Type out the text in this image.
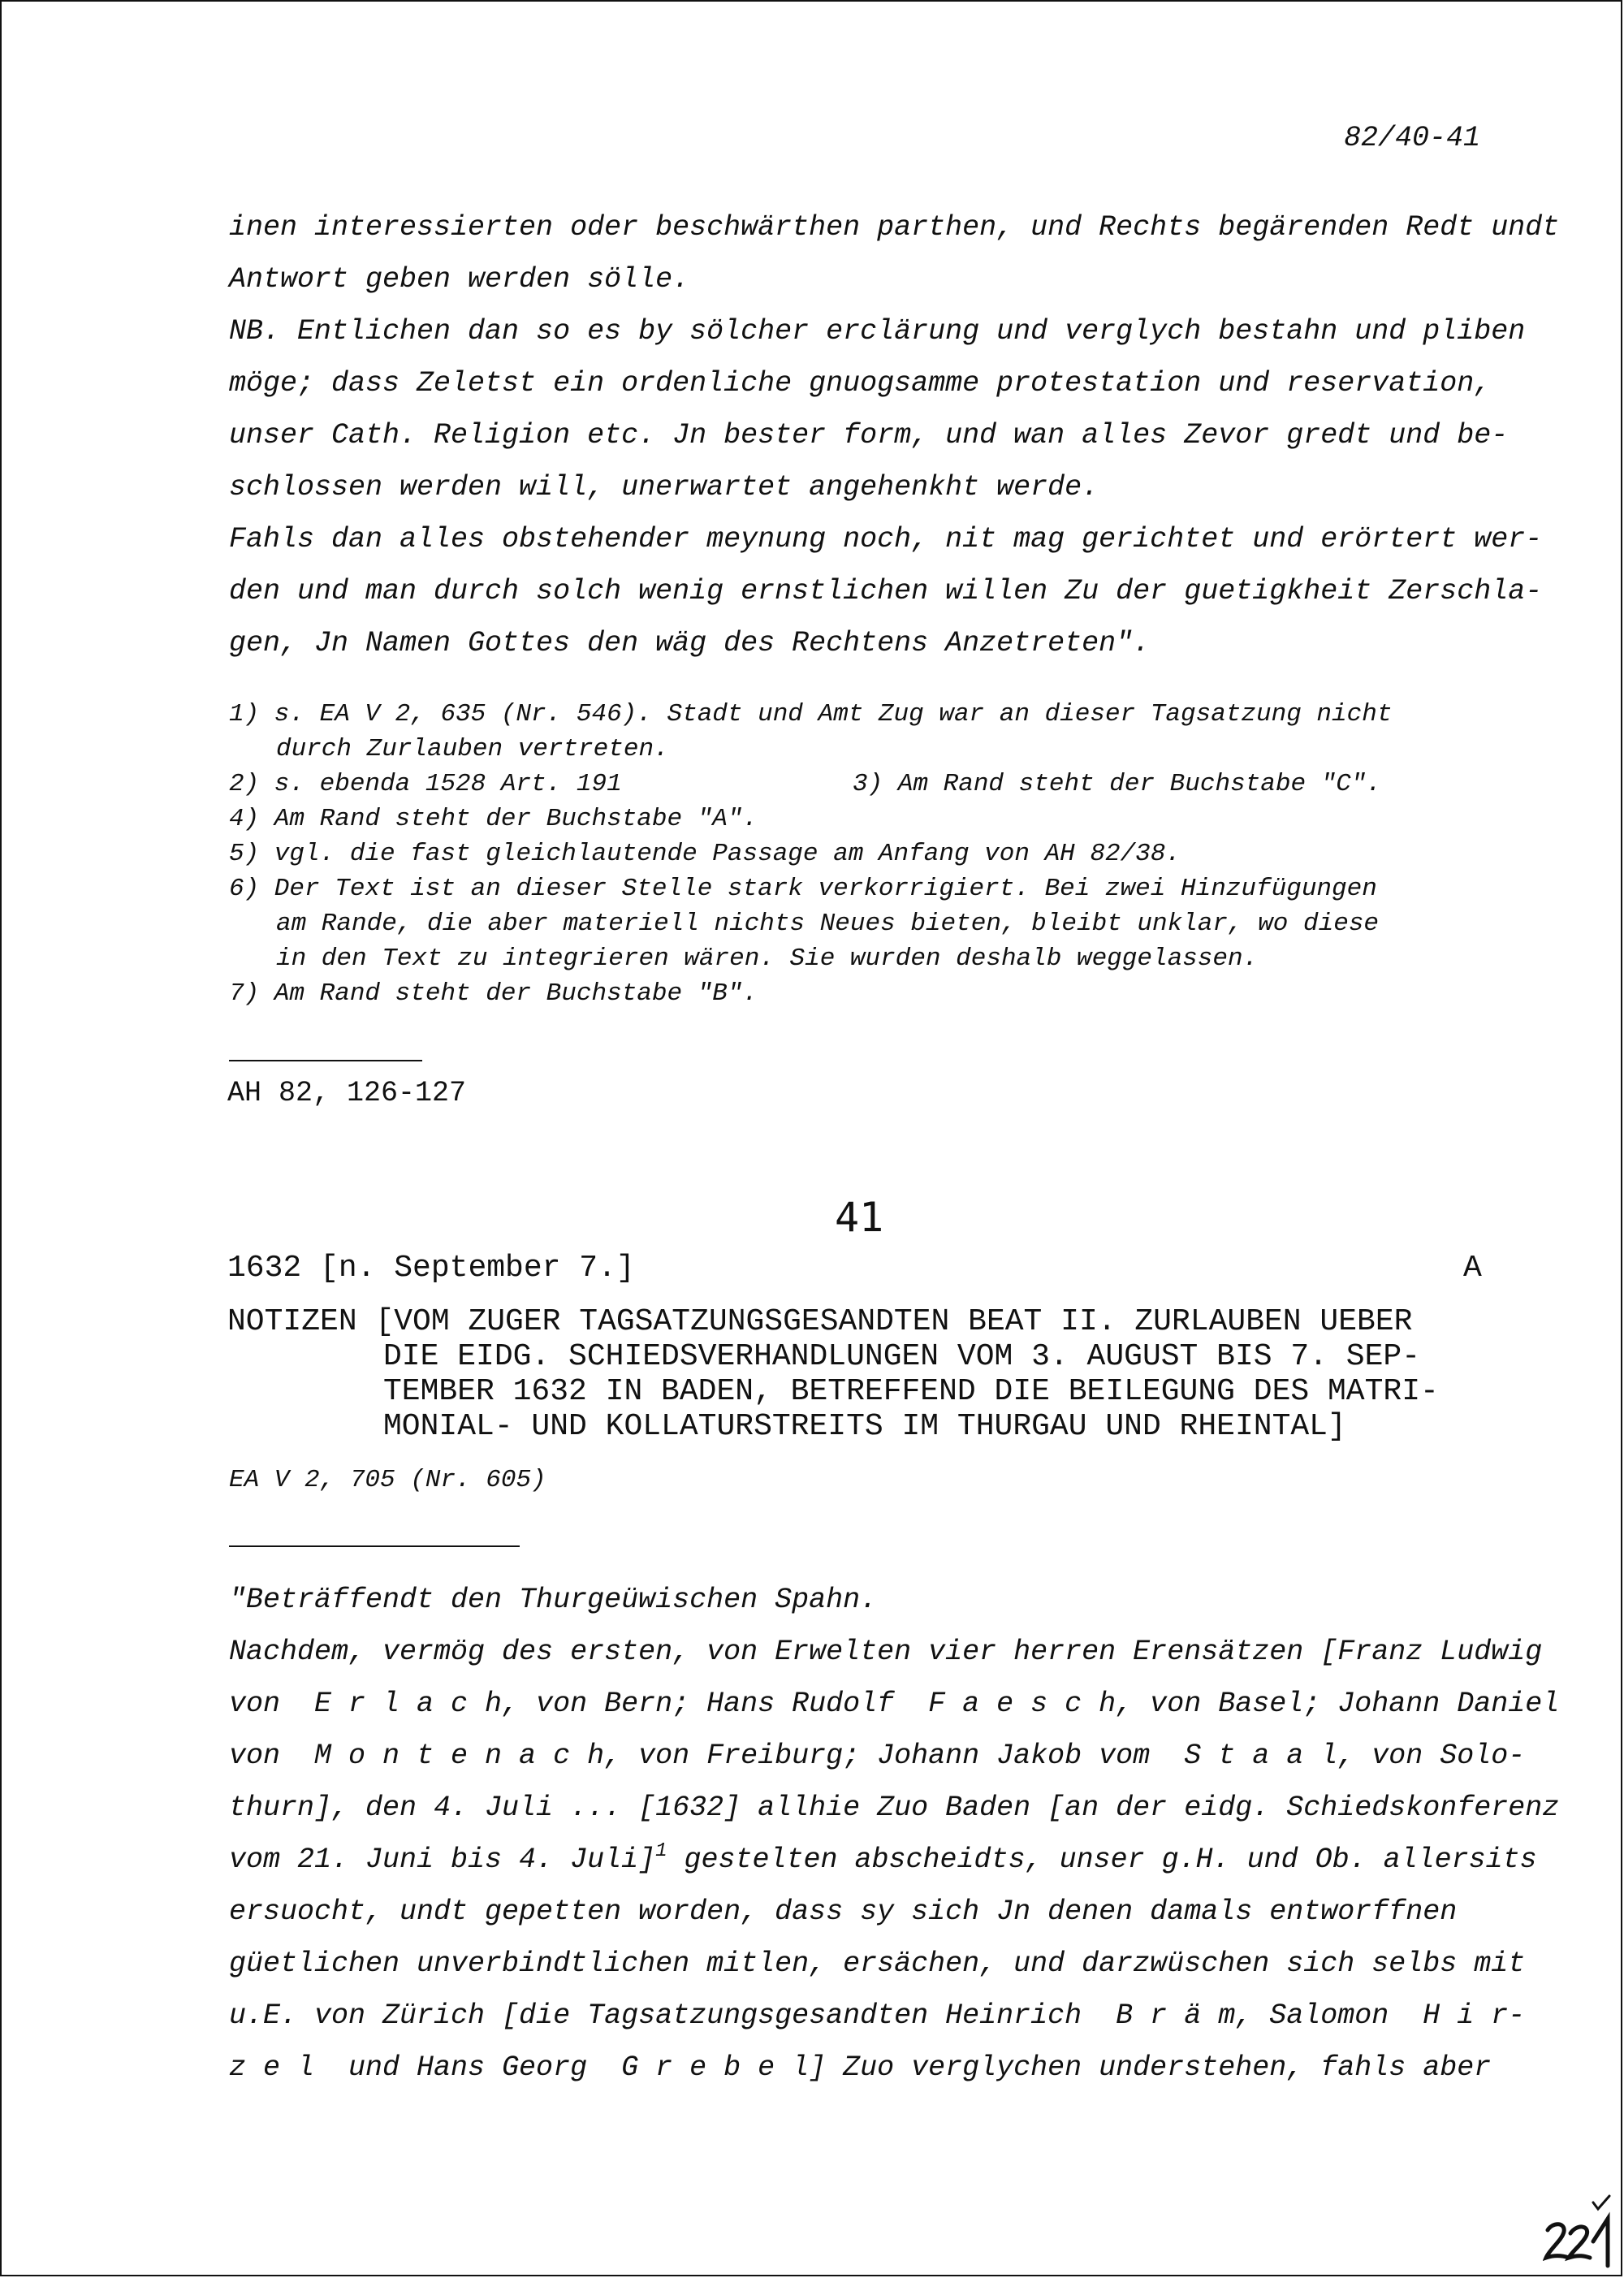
82/40-41
inen interessierten oder beschwärthen parthen, und Rechts begärenden Redt undt
Antwort geben werden sölle.
NB. Entlichen dan so es by sölcher erclärung und verglych bestahn und pliben
möge; dass Zeletst ein ordenliche gnuogsamme protestation und reservation,
unser Cath. Religion etc. Jn bester form, und wan alles Zevor gredt und be-
schlossen werden will, unerwartet angehenkht werde.
Fahls dan alles obstehender meynung noch, nit mag gerichtet und erörtert wer-
den und man durch solch wenig ernstlichen willen Zu der guetigkheit Zerschla-
gen, Jn Namen Gottes den wäg des Rechtens Anzetreten".
1) s. EA V 2, 635 (Nr. 546). Stadt und Amt Zug war an dieser Tagsatzung nicht
durch Zurlauben vertreten.
2) s. ebenda 1528 Art. 191	3) Am Rand steht der Buchstabe "C".
4) Am Rand steht der Buchstabe "A".
5) vgl. die fast gleichlautende Passage am Anfang von AH 82/38.
6) Der Text ist an dieser Stelle stark verkorrigiert. Bei zwei Hinzufügungen
am Rande, die aber materiell nichts Neues bieten, bleibt unklar, wo diese
in den Text zu integrieren wären. Sie wurden deshalb weggelassen.
7) Am Rand steht der Buchstabe "B".
AH 82, 126-127
41
1632 [n. September 7.]	A
NOTIZEN [VOM ZUGER TAGSATZUNGSGESANDTEN BEAT II. ZURLAUBEN UEBER
DIE EIDG. SCHIEDSVERHANDLUNGEN VOM 3. AUGUST BIS 7. SEP-
TEMBER 1632 IN BADEN, BETREFFEND DIE BEILEGUNG DES MATRI-
MONIAL- UND KOLLATURSTREITS IM THURGAU UND RHEINTAL]
EA V 2, 705 (Nr. 605)
"Beträffendt den Thurgeüwischen Spahn.
Nachdem, vermög des ersten, von Erwelten vier herren Erensätzen [Franz Ludwig
von  E r l a c h, von Bern; Hans Rudolf  F a e s c h, von Basel; Johann Daniel
von  M o n t e n a c h, von Freiburg; Johann Jakob vom  S t a a l, von Solo-
thurn], den 4. Juli ... [1632] allhie Zuo Baden [an der eidg. Schiedskonferenz
vom 21. Juni bis 4. Juli]$^1$ gestelten abscheidts, unser g.H. und Ob. allersits
ersuocht, undt gepetten worden, dass sy sich Jn denen damals entworffnen
güetlichen unverbindtlichen mitlen, ersächen, und darzwüschen sich selbs mit
u.E. von Zürich [die Tagsatzungsgesandten Heinrich  B r ä m, Salomon  H i r-
z e l  und Hans Georg  G r e b e l] Zuo verglychen understehen, fahls aber
